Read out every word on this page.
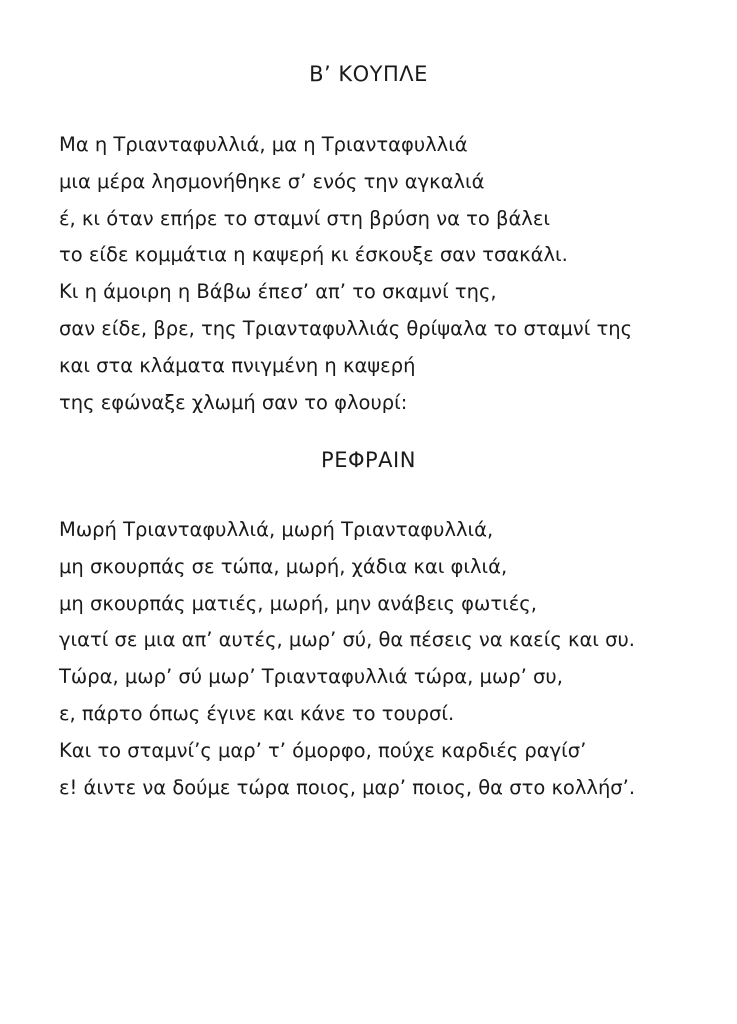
Β’ ΚΟΥΠΛΕ
Μα η Τριανταφυλλιά, μα η Τριανταφυλλιά
μια μέρα λησμονήθηκε σ’ ενός την αγκαλιά
έ, κι όταν επήρε το σταμνί στη βρύση να το βάλει
το είδε κομμάτια η καψερή κι έσκουξε σαν τσακάλι.
Κι η άμοιρη η Βάβω έπεσ’ απ’ το σκαμνί της,
σαν είδε, βρε, της Τριανταφυλλιάς θρίψαλα το σταμνί της
και στα κλάματα πνιγμένη η καψερή
της εφώναξε χλωμή σαν το φλουρί:
ΡΕΦΡΑΙΝ
Μωρή Τριανταφυλλιά, μωρή Τριανταφυλλιά,
μη σκουρπάς σε τώπα, μωρή, χάδια και φιλιά,
μη σκουρπάς ματιές, μωρή, μην ανάβεις φωτιές,
γιατί σε μια απ’ αυτές, μωρ’ σύ, θα πέσεις να καείς και συ.
Τώρα, μωρ’ σύ μωρ’ Τριανταφυλλιά τώρα, μωρ’ συ,
ε, πάρτο όπως έγινε και κάνε το τουρσί.
Και το σταμνί’ς μαρ’ τ’ όμορφο, πούχε καρδιές ραγίσ’
ε! άιντε να δούμε τώρα ποιος, μαρ’ ποιος, θα στο κολλήσ’.
